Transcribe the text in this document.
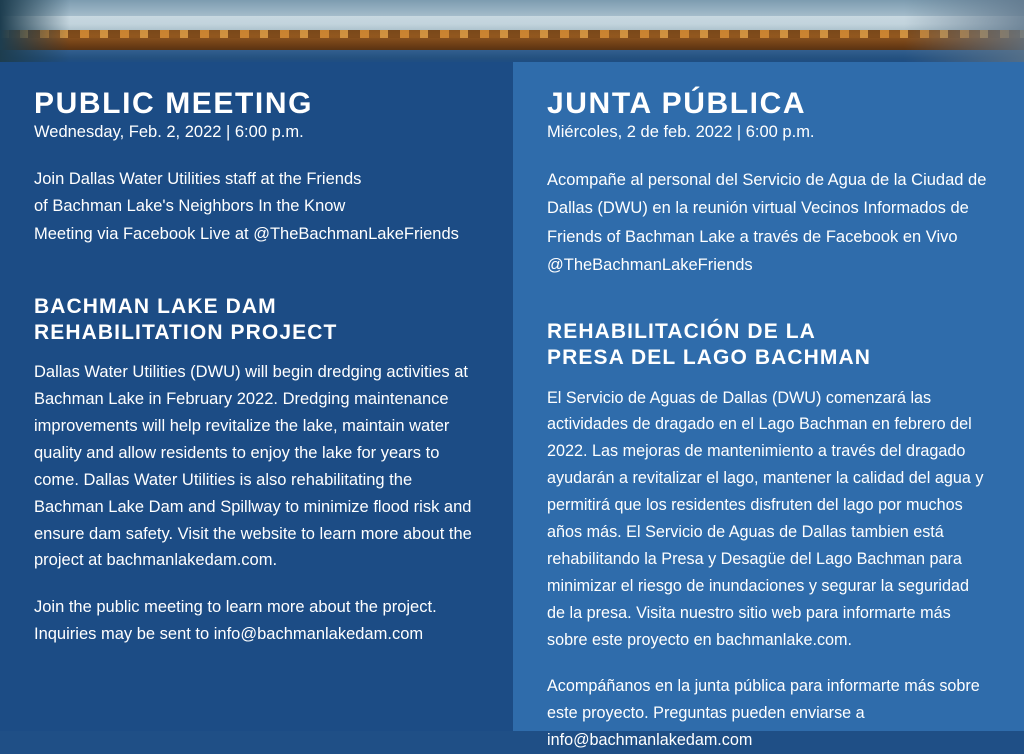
PUBLIC MEETING

Wednesday, Feb. 2, 2022 | 6:00 p.m.

Join Dallas Water Utilities staff at the Friends
of Bachman Lake's Neighbors In the Know
Meeting via Facebook Live at @TheBachmanLakeFriends

BACHMAN LAKE DAM
REHABILITATION PROJECT

Dallas Water Utilities (DWU) will begin dredging activities at Bachman Lake in February 2022. Dredging maintenance improvements will help revitalize the lake, maintain water quality and allow residents to enjoy the lake for years to come. Dallas Water Utilities is also rehabilitating the Bachman Lake Dam and Spillway to minimize flood risk and ensure dam safety. Visit the website to learn more about the project at bachmanlakedam.com.

Join the public meeting to learn more about the project. Inquiries may be sent to info@bachmanlakedam.com

JUNTA PÚBLICA

Miércoles, 2 de feb. 2022 | 6:00 p.m.

Acompañe al personal del Servicio de Agua de la Ciudad de Dallas (DWU) en la reunión virtual Vecinos Informados de Friends of Bachman Lake a través de Facebook en Vivo @TheBachmanLakeFriends

REHABILITACIÓN DE LA
PRESA DEL LAGO BACHMAN

El Servicio de Aguas de Dallas (DWU) comenzará las actividades de dragado en el Lago Bachman en febrero del 2022. Las mejoras de mantenimiento a través del dragado ayudarán a revitalizar el lago, mantener la calidad del agua y permitirá que los residentes disfruten del lago por muchos años más. El Servicio de Aguas de Dallas tambien está rehabilitando la Presa y Desagüe del Lago Bachman para minimizar el riesgo de inundaciones y segurar la seguridad de la presa. Visita nuestro sitio web para informarte más sobre este proyecto en bachmanlake.com.

Acompáñanos en la junta pública para informarte más sobre este proyecto. Preguntas pueden enviarse a info@bachmanlakedam.com
